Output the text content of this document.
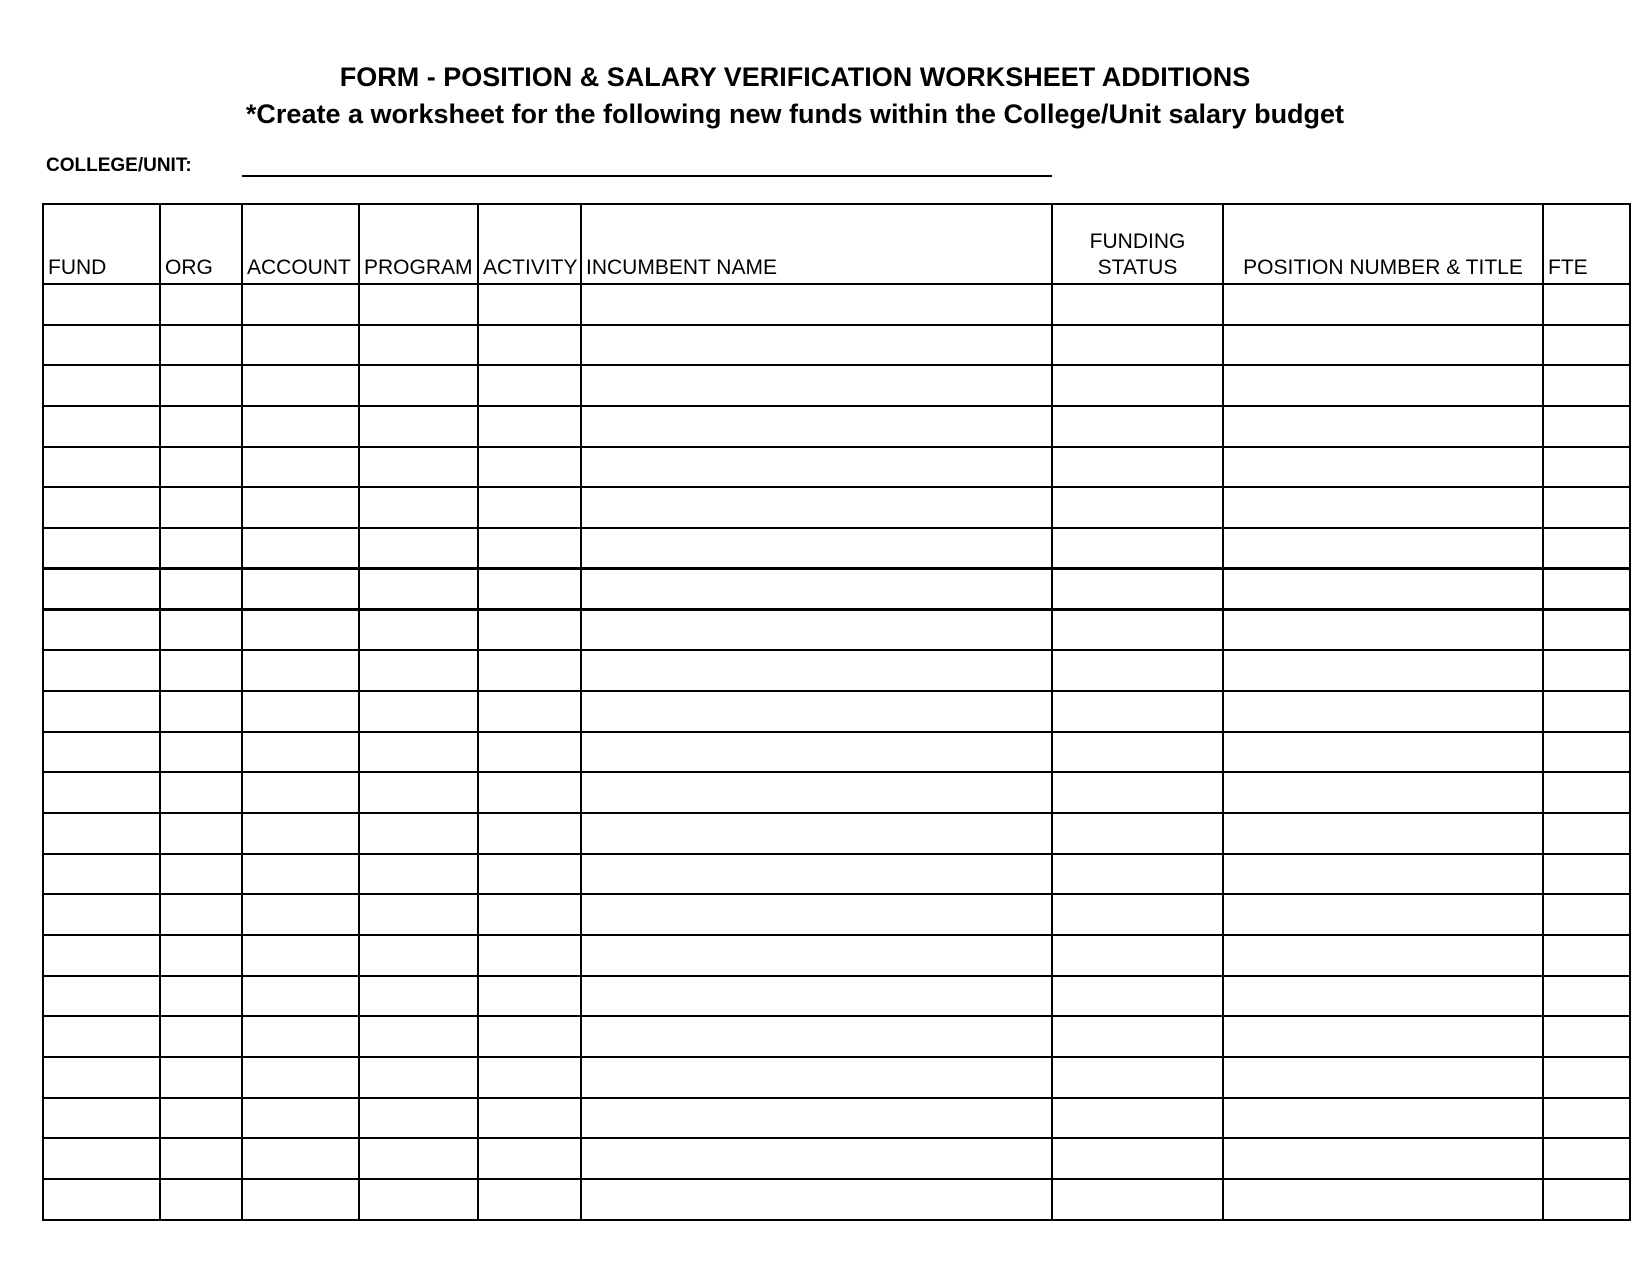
FORM - POSITION & SALARY VERIFICATION WORKSHEET ADDITIONS
*Create a worksheet for the following new funds within the College/Unit salary budget
COLLEGE/UNIT:
FUND	ORG	ACCOUNT	PROGRAM	ACTIVITY	INCUMBENT NAME	FUNDING STATUS	POSITION NUMBER & TITLE	FTE
